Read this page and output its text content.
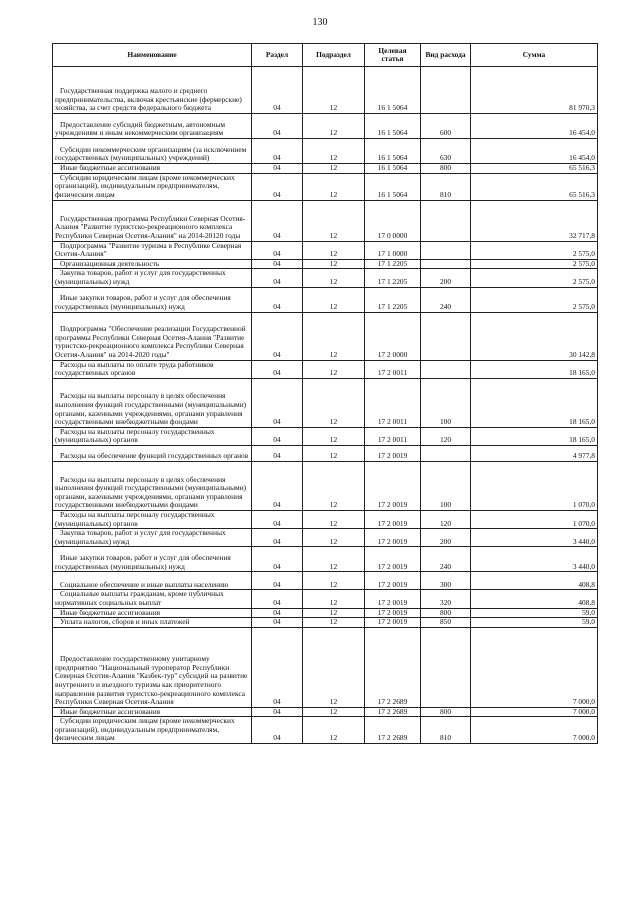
130
Наименование	Раздел	Подраздел	Целевая статья	Вид расхода	Сумма
Государственная поддержка малого и среднего предпринимательства, включая крестьянские (фермерские) хозяйства, за счет средств федерального бюджета	04	12	16 1 5064		81 970,3
Предоставление субсидий бюджетным, автономным учреждениям и иным некоммерческим организациям	04	12	16 1 5064	600	16 454,0
Субсидии некоммерческим организациям (за исключением государственных (муниципальных) учреждений)	04	12	16 1 5064	630	16 454,0
Иные бюджетные ассигнования	04	12	16 1 5064	800	65 516,3
Субсидии юридическим лицам (кроме некоммерческих организаций), индивидуальным предпринимателям, физическим лицам	04	12	16 1 5064	810	65 516,3
Государственная программа Республики Северная Осетия-Алания "Развитие туристско-рекреационного комплекса Республики Северная Осетия-Алания" на 2014-20120 годы	04	12	17 0 0000		32 717,8
Подпрограмма "Развитие туризма в Республике Северная Осетия-Алания"	04	12	17 1 0000		2 575,0
Организационная деятельность	04	12	17 1 2205		2 575,0
Закупка товаров, работ и услуг для государственных (муниципальных) нужд	04	12	17 1 2205	200	2 575,0
Иные закупки товаров, работ и услуг для обеспечения государственных (муниципальных) нужд	04	12	17 1 2205	240	2 575,0
Подпрограмма "Обеспечение реализации Государственной программы Республики Северная Осетия-Алания "Развитие туристско-рекреационного комплекса Республики Северная Осетия-Алания" на 2014-2020 годы"	04	12	17 2 0000		30 142,8
Расходы на выплаты по оплате труда работников государственных органов	04	12	17 2 0011		18 165,0
Расходы на выплаты персоналу в целях обеспечения выполнения функций государственными (муниципальными) органами, казенными учреждениями, органами управления государственными внебюджетными фондами	04	12	17 2 0011	100	18 165,0
Расходы на выплаты персоналу государственных (муниципальных) органов	04	12	17 2 0011	120	18 165,0
Расходы на обеспечение функций государственных органов	04	12	17 2 0019		4 977,8
Расходы на выплаты персоналу в целях обеспечения выполнения функций государственными (муниципальными) органами, казенными учреждениями, органами управления государственными внебюджетными фондами	04	12	17 2 0019	100	1 070,0
Расходы на выплаты персоналу государственных (муниципальных) органов	04	12	17 2 0019	120	1 070,0
Закупка товаров, работ и услуг для государственных (муниципальных) нужд	04	12	17 2 0019	200	3 440,0
Иные закупки товаров, работ и услуг для обеспечения государственных (муниципальных) нужд	04	12	17 2 0019	240	3 440,0
Социальное обеспечение и иные выплаты населению	04	12	17 2 0019	300	408,8
Социальные выплаты гражданам, кроме публичных нормативных социальных выплат	04	12	17 2 0019	320	408,8
Иные бюджетные ассигнования	04	12	17 2 0019	800	59,0
Уплата налогов, сборов и иных платежей	04	12	17 2 0019	850	59,0
Предоставление государственному унитарному предприятию "Национальный туроператор Республики Северная Осетия-Алания "Казбек-тур" субсидий на развитие внутреннего и въездного туризма как приоритетного направления развития туристско-рекреационного комплекса Республики Северная Осетия-Алания	04	12	17 2 2689		7 000,0
Иные бюджетные ассигнования	04	12	17 2 2689	800	7 000,0
Субсидии юридическим лицам (кроме некоммерческих организаций), индивидуальным предпринимателям, физическим лицам	04	12	17 2 2689	810	7 000,0
